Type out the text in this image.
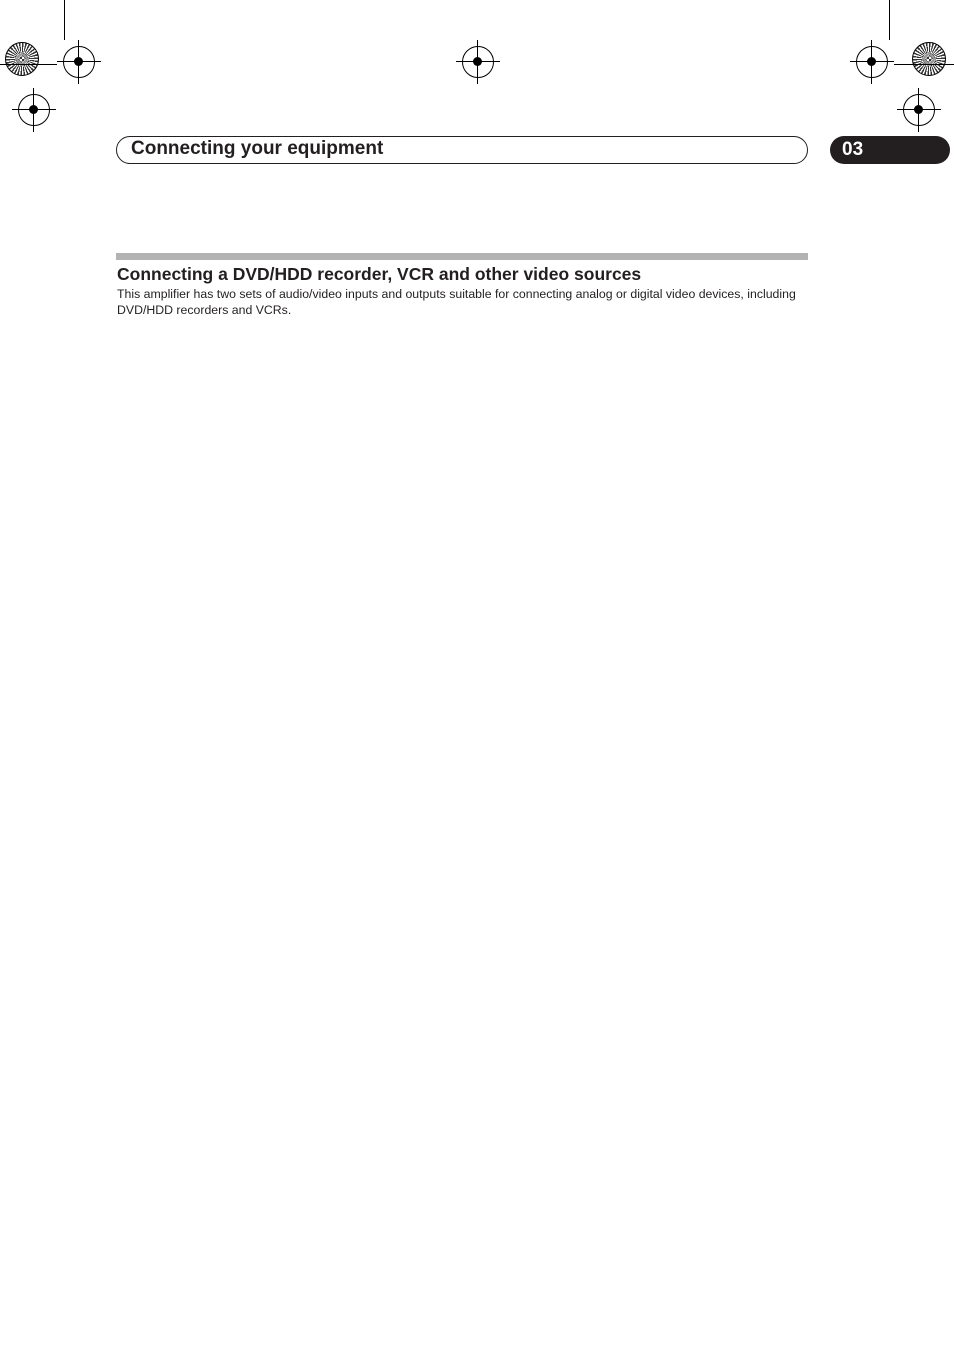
Connecting your equipment	03
Connecting a DVD/HDD recorder, VCR and other video sources

This amplifier has two sets of audio/video inputs and outputs suitable for connecting analog or digital video devices, including DVD/HDD recorders and VCRs.
